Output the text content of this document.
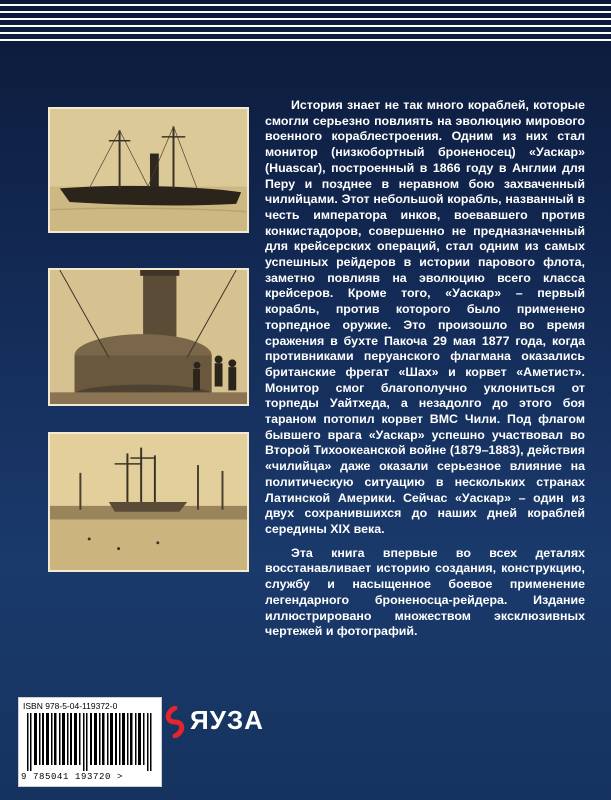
История знает не так много кораблей, которые смогли серьезно повлиять на эволюцию мирового военного кораблестроения. Одним из них стал монитор (низкобортный броненосец) «Уаскар» (Huascar), построенный в 1866 году в Англии для Перу и позднее в неравном бою захваченный чилийцами. Этот небольшой корабль, названный в честь императора инков, воевавшего против конкистадоров, совершенно не предназначенный для крейсерских операций, стал одним из самых успешных рейдеров в истории парового флота, заметно повлияв на эволюцию всего класса крейсеров. Кроме того, «Уаскар» – первый корабль, против которого было применено торпедное оружие. Это произошло во время сражения в бухте Пакоча 29 мая 1877 года, когда противниками перуанского флагмана оказались британские фрегат «Шах» и корвет «Аметист». Монитор смог благополучно уклониться от торпеды Уайтхеда, а незадолго до этого боя тараном потопил корвет ВМС Чили. Под флагом бывшего врага «Уаскар» успешно участвовал во Второй Тихоокеанской войне (1879–1883), действия «чилийца» даже оказали серьезное влияние на политическую ситуацию в нескольких странах Латинской Америки. Сейчас «Уаскар» – один из двух сохранившихся до наших дней кораблей середины XIX века.

Эта книга впервые во всех деталях восстанавливает историю создания, конструкцию, службу и насыщенное боевое применение легендарного броненосца-рейдера. Издание иллюстрировано множеством эксклюзивных чертежей и фотографий.

ISBN 978-5-04-119372-0
9 785041 193720 >
ЯУЗА
